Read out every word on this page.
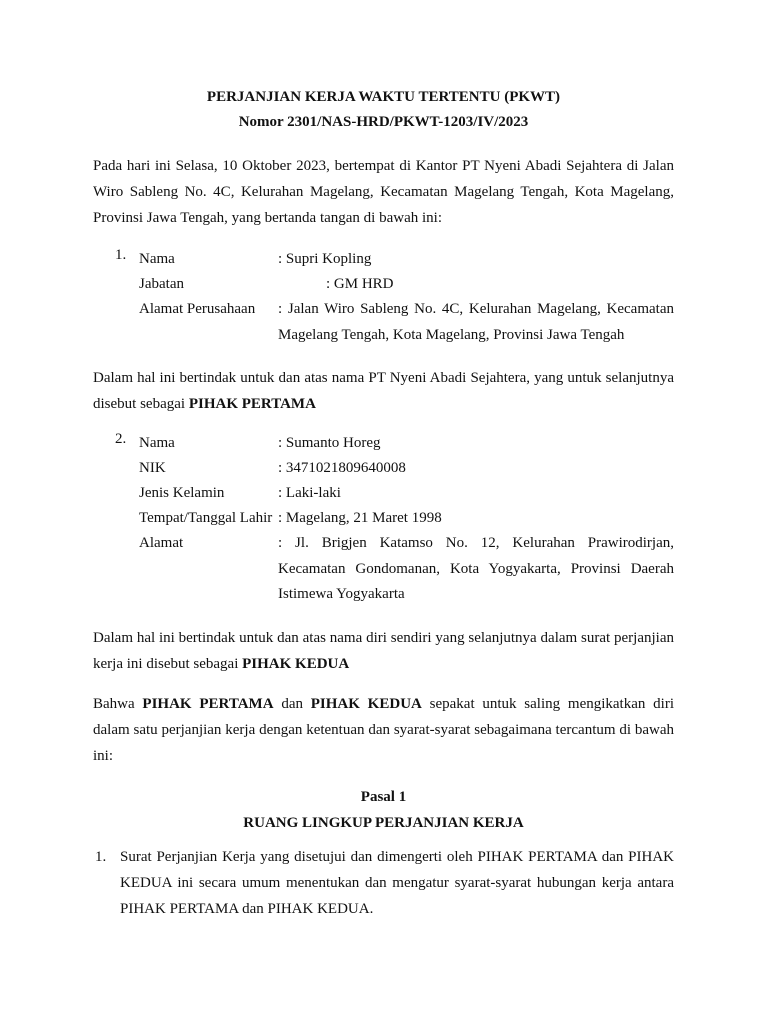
PERJANJIAN KERJA WAKTU TERTENTU (PKWT)
Nomor 2301/NAS-HRD/PKWT-1203/IV/2023

Pada hari ini Selasa, 10 Oktober 2023, bertempat di Kantor PT Nyeni Abadi Sejahtera di Jalan Wiro Sableng No. 4C, Kelurahan Magelang, Kecamatan Magelang Tengah, Kota Magelang, Provinsi Jawa Tengah, yang bertanda tangan di bawah ini:

1. Nama	: Supri Kopling
Jabatan	: GM HRD
Alamat Perusahaan	: Jalan Wiro Sableng No. 4C, Kelurahan Magelang, Kecamatan Magelang Tengah, Kota Magelang, Provinsi Jawa Tengah

Dalam hal ini bertindak untuk dan atas nama PT Nyeni Abadi Sejahtera, yang untuk selanjutnya disebut sebagai PIHAK PERTAMA

2. Nama	: Sumanto Horeg
NIK	: 3471021809640008
Jenis Kelamin	: Laki-laki
Tempat/Tanggal Lahir : Magelang, 21 Maret 1998
Alamat	: Jl. Brigjen Katamso No. 12, Kelurahan Prawirodirjan, Kecamatan Gondomanan, Kota Yogyakarta, Provinsi Daerah Istimewa Yogyakarta

Dalam hal ini bertindak untuk dan atas nama diri sendiri yang selanjutnya dalam surat perjanjian kerja ini disebut sebagai PIHAK KEDUA

Bahwa PIHAK PERTAMA dan PIHAK KEDUA sepakat untuk saling mengikatkan diri dalam satu perjanjian kerja dengan ketentuan dan syarat-syarat sebagaimana tercantum di bawah ini:

Pasal 1
RUANG LINGKUP PERJANJIAN KERJA
1. Surat Perjanjian Kerja yang disetujui dan dimengerti oleh PIHAK PERTAMA dan PIHAK KEDUA ini secara umum menentukan dan mengatur syarat-syarat hubungan kerja antara PIHAK PERTAMA dan PIHAK KEDUA.
